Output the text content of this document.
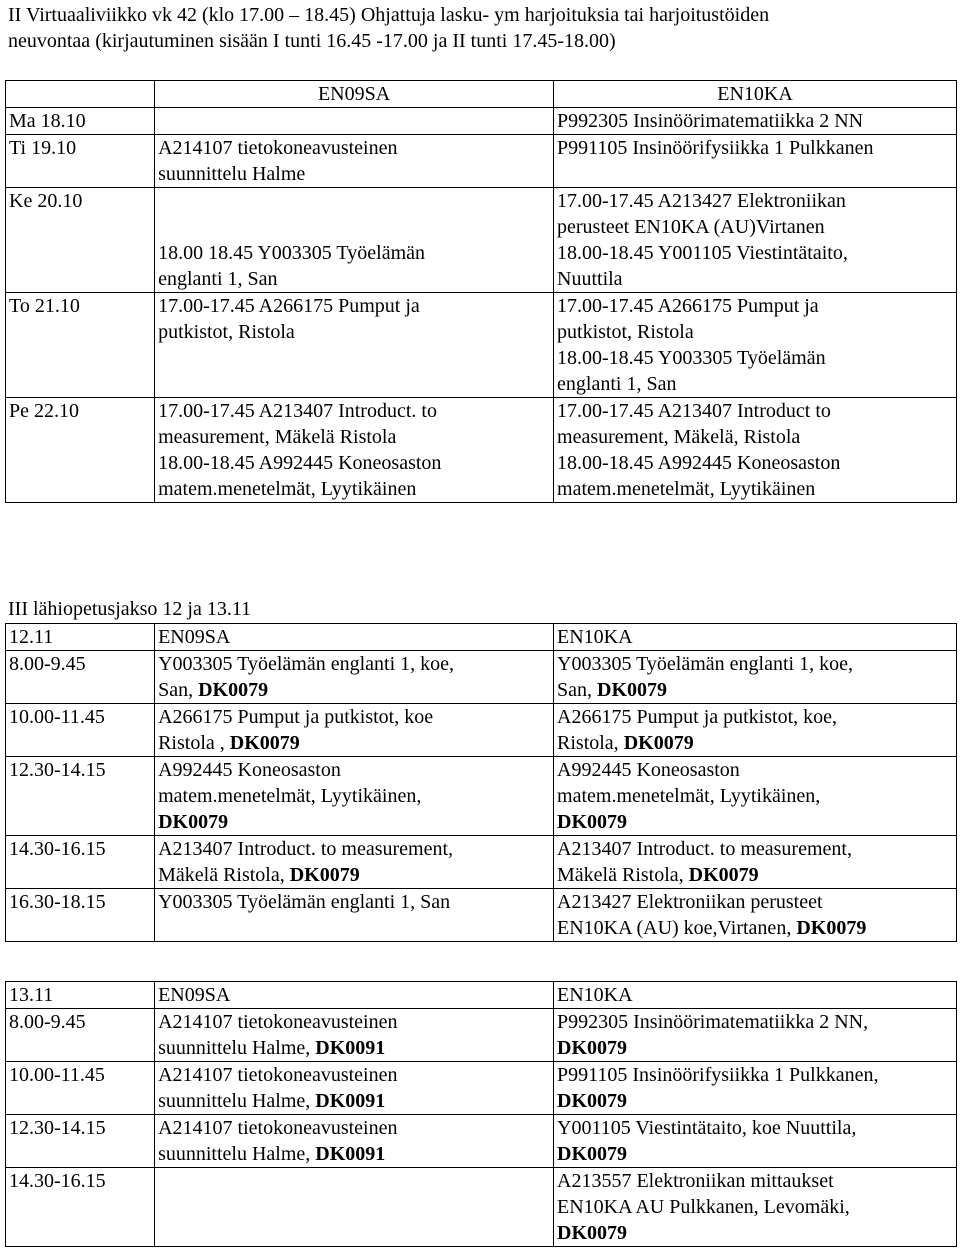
II Virtuaaliviikko vk 42 (klo 17.00 – 18.45) Ohjattuja lasku- ym harjoituksia tai harjoitustöiden

neuvontaa (kirjautuminen sisään I tunti 16.45 -17.00 ja II tunti 17.45-18.00)

	EN09SA	EN10KA
Ma 18.10		P992305 Insinöörimatematiikka 2 NN

Ti 19.10	A214107 tietokoneavusteinen
suunnittelu Halme	P991105 Insinöörifysiikka 1 Pulkkanen

Ke 20.10	18.00 18.45 Y003305 Työelämän
englanti 1, San	17.00-17.45 A213427 Elektroniikan
perusteet EN10KA (AU)Virtanen
18.00-18.45 Y001105 Viestintätaito,
Nuuttila

To 21.10	17.00-17.45 A266175 Pumput ja
putkistot, Ristola	17.00-17.45 A266175 Pumput ja
putkistot, Ristola
18.00-18.45 Y003305 Työelämän
englanti 1, San

Pe 22.10	17.00-17.45 A213407 Introduct. to
measurement, Mäkelä Ristola
18.00-18.45 A992445 Koneosaston
matem.menetelmät, Lyytikäinen	17.00-17.45 A213407 Introduct to
measurement, Mäkelä, Ristola
18.00-18.45 A992445 Koneosaston
matem.menetelmät, Lyytikäinen
III lähiopetusjakso 12 ja 13.11
12.11	EN09SA	EN10KA
8.00-9.45	Y003305 Työelämän englanti 1, koe,
San, DK0079	Y003305 Työelämän englanti 1, koe,
San, DK0079

10.00-11.45	A266175 Pumput ja putkistot, koe
Ristola , DK0079	A266175 Pumput ja putkistot, koe,
Ristola, DK0079

12.30-14.15	A992445 Koneosaston
matem.menetelmät, Lyytikäinen,
DK0079	A992445 Koneosaston
matem.menetelmät, Lyytikäinen,
DK0079

14.30-16.15	A213407 Introduct. to measurement,
Mäkelä Ristola, DK0079	A213407 Introduct. to measurement,
Mäkelä Ristola, DK0079

16.30-18.15	Y003305 Työelämän englanti 1, San	A213427 Elektroniikan perusteet
EN10KA (AU) koe,Virtanen, DK0079
13.11	EN09SA	EN10KA
8.00-9.45	A214107 tietokoneavusteinen
suunnittelu Halme, DK0091	P992305 Insinöörimatematiikka 2 NN,
DK0079

10.00-11.45	A214107 tietokoneavusteinen
suunnittelu Halme, DK0091	P991105 Insinöörifysiikka 1 Pulkkanen,
DK0079

12.30-14.15	A214107 tietokoneavusteinen
suunnittelu Halme, DK0091	Y001105 Viestintätaito, koe Nuuttila,
DK0079

14.30-16.15		A213557 Elektroniikan mittaukset
EN10KA AU Pulkkanen, Levomäki,
DK0079
